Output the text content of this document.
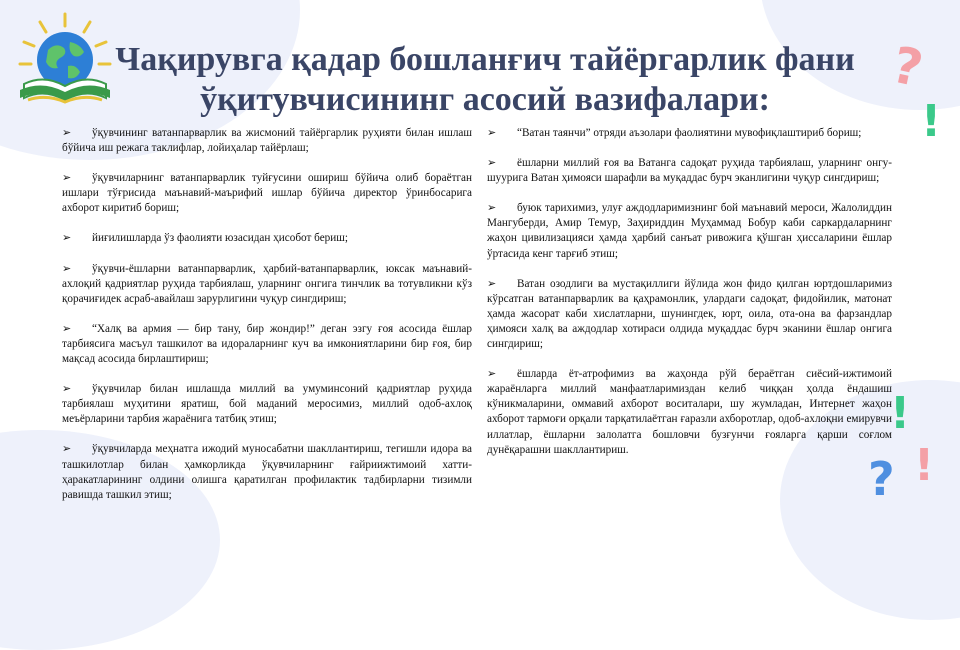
Чақирувга қадар бошланғич тайёргарлик фани
ўқитувчисининг асосий вазифалари:

➢ ўқувчининг ватанпарварлик ва жисмоний тайёргарлик руҳияти билан ишлаш бўйича иш режага таклифлар, лойиҳалар тайёрлаш;

➢ ўқувчиларнинг ватанпарварлик туйғусини ошириш бўйича олиб бораётган ишлари тўғрисида маънавий-маърифий ишлар бўйича директор ўринбосарига ахборот киритиб бориш;

➢ йиғилишларда ўз фаолияти юзасидан ҳисобот бериш;

➢ ўқувчи-ёшларни ватанпарварлик, ҳарбий-ватанпарварлик, юксак маънавий-ахлоқий қадриятлар руҳида тарбиялаш, уларнинг онгига тинчлик ва тотувликни кўз қорачиғидек асраб-авайлаш зарурлигини чуқур сингдириш;

➢ “Халқ ва армия — бир тану, бир жондир!” деган эзгу ғоя асосида ёшлар тарбиясига масъул ташкилот ва идораларнинг куч ва имкониятларини бир ғоя, бир мақсад асосида бирлаштириш;

➢ ўқувчилар билан ишлашда миллий ва умуминсоний қадриятлар руҳида тарбиялаш муҳитини яратиш, бой маданий меросимиз, миллий одоб-ахлоқ меъёрларини тарбия жараёнига татбиқ этиш;

➢ ўқувчиларда меҳнатга ижодий муносабатни шакллантириш, тегишли идора ва ташкилотлар билан ҳамкорликда ўқувчиларнинг ғайриижтимоий хатти-ҳаракатларининг олдини олишга қаратилган профилактик тадбирларни тизимли равишда ташкил этиш;

➢ “Ватан таянчи” отряди аъзолари фаолиятини мувофиқлаштириб бориш;

➢ ёшларни миллий ғоя ва Ватанга садоқат руҳида тарбиялаш, уларнинг онгу-шуурига Ватан ҳимояси шарафли ва муқаддас бурч эканлигини чуқур сингдириш;

➢ буюк тарихимиз, улуғ аждодларимизнинг бой маънавий мероси, Жалолиддин Мангуберди, Амир Темур, Заҳириддин Муҳаммад Бобур каби саркардаларнинг жаҳон цивилизацияси ҳамда ҳарбий санъат ривожига қўшган ҳиссаларини ёшлар ўртасида кенг тарғиб этиш;

➢ Ватан озодлиги ва мустақиллиги йўлида жон фидо қилган юртдошларимиз кўрсатган ватанпарварлик ва қаҳрамонлик, улардаги садоқат, фидойилик, матонат ҳамда жасорат каби хислатларни, шунингдек, юрт, оила, ота-она ва фарзандлар ҳимояси халқ ва аждодлар хотираси олдида муқаддас бурч эканини ёшлар онгига сингдириш;

➢ ёшларда ёт-атрофимиз ва жаҳонда рўй бераётган сиёсий-ижтимоий жараёнларга миллий манфаатларимиздан келиб чиққан ҳолда ёндашиш кўникмаларини, оммавий ахборот воситалари, шу жумладан, Интернет жаҳон ахборот тармоғи орқали тарқатилаётган ғаразли ахборотлар, одоб-ахлоқни емирувчи иллатлар, ёшларни залолатга бошловчи бузғунчи ғояларга қарши соғлом дунёқарашни шакллантириш.

?
!
!
!
?
